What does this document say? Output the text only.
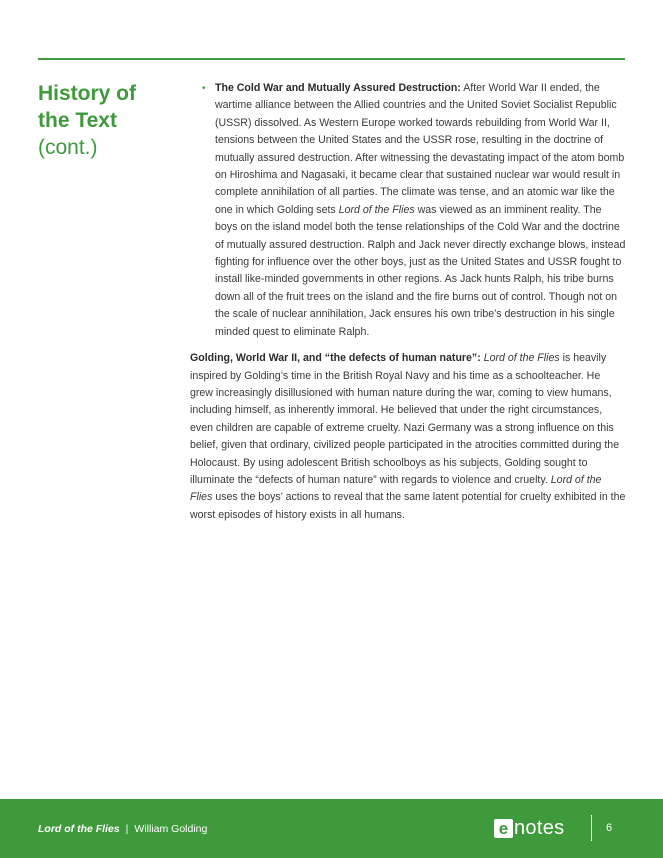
History of
the Text
(cont.)

• The Cold War and Mutually Assured Destruction: After World War II ended, the wartime alliance between the Allied countries and the United Soviet Socialist Republic (USSR) dissolved. As Western Europe worked towards rebuilding from World War II, tensions between the United States and the USSR rose, resulting in the doctrine of mutually assured destruction. After witnessing the devastating impact of the atom bomb on Hiroshima and Nagasaki, it became clear that sustained nuclear war would result in complete annihilation of all parties. The climate was tense, and an atomic war like the one in which Golding sets Lord of the Flies was viewed as an imminent reality. The boys on the island model both the tense relationships of the Cold War and the doctrine of mutually assured destruction. Ralph and Jack never directly exchange blows, instead fighting for influence over the other boys, just as the United States and USSR fought to install like-minded governments in other regions. As Jack hunts Ralph, his tribe burns down all of the fruit trees on the island and the fire burns out of control. Though not on the scale of nuclear annihilation, Jack ensures his own tribe’s destruction in his single minded quest to eliminate Ralph.

Golding, World War II, and “the defects of human nature”: Lord of the Flies is heavily inspired by Golding’s time in the British Royal Navy and his time as a schoolteacher. He grew increasingly disillusioned with human nature during the war, coming to view humans, including himself, as inherently immoral. He believed that under the right circumstances, even children are capable of extreme cruelty. Nazi Germany was a strong influence on this belief, given that ordinary, civilized people participated in the atrocities committed during the Holocaust. By using adolescent British schoolboys as his subjects, Golding sought to illuminate the “defects of human nature” with regards to violence and cruelty. Lord of the Flies uses the boys’ actions to reveal that the same latent potential for cruelty exhibited in the worst episodes of history exists in all humans.

Lord of the Flies | William Golding	e notes	6
